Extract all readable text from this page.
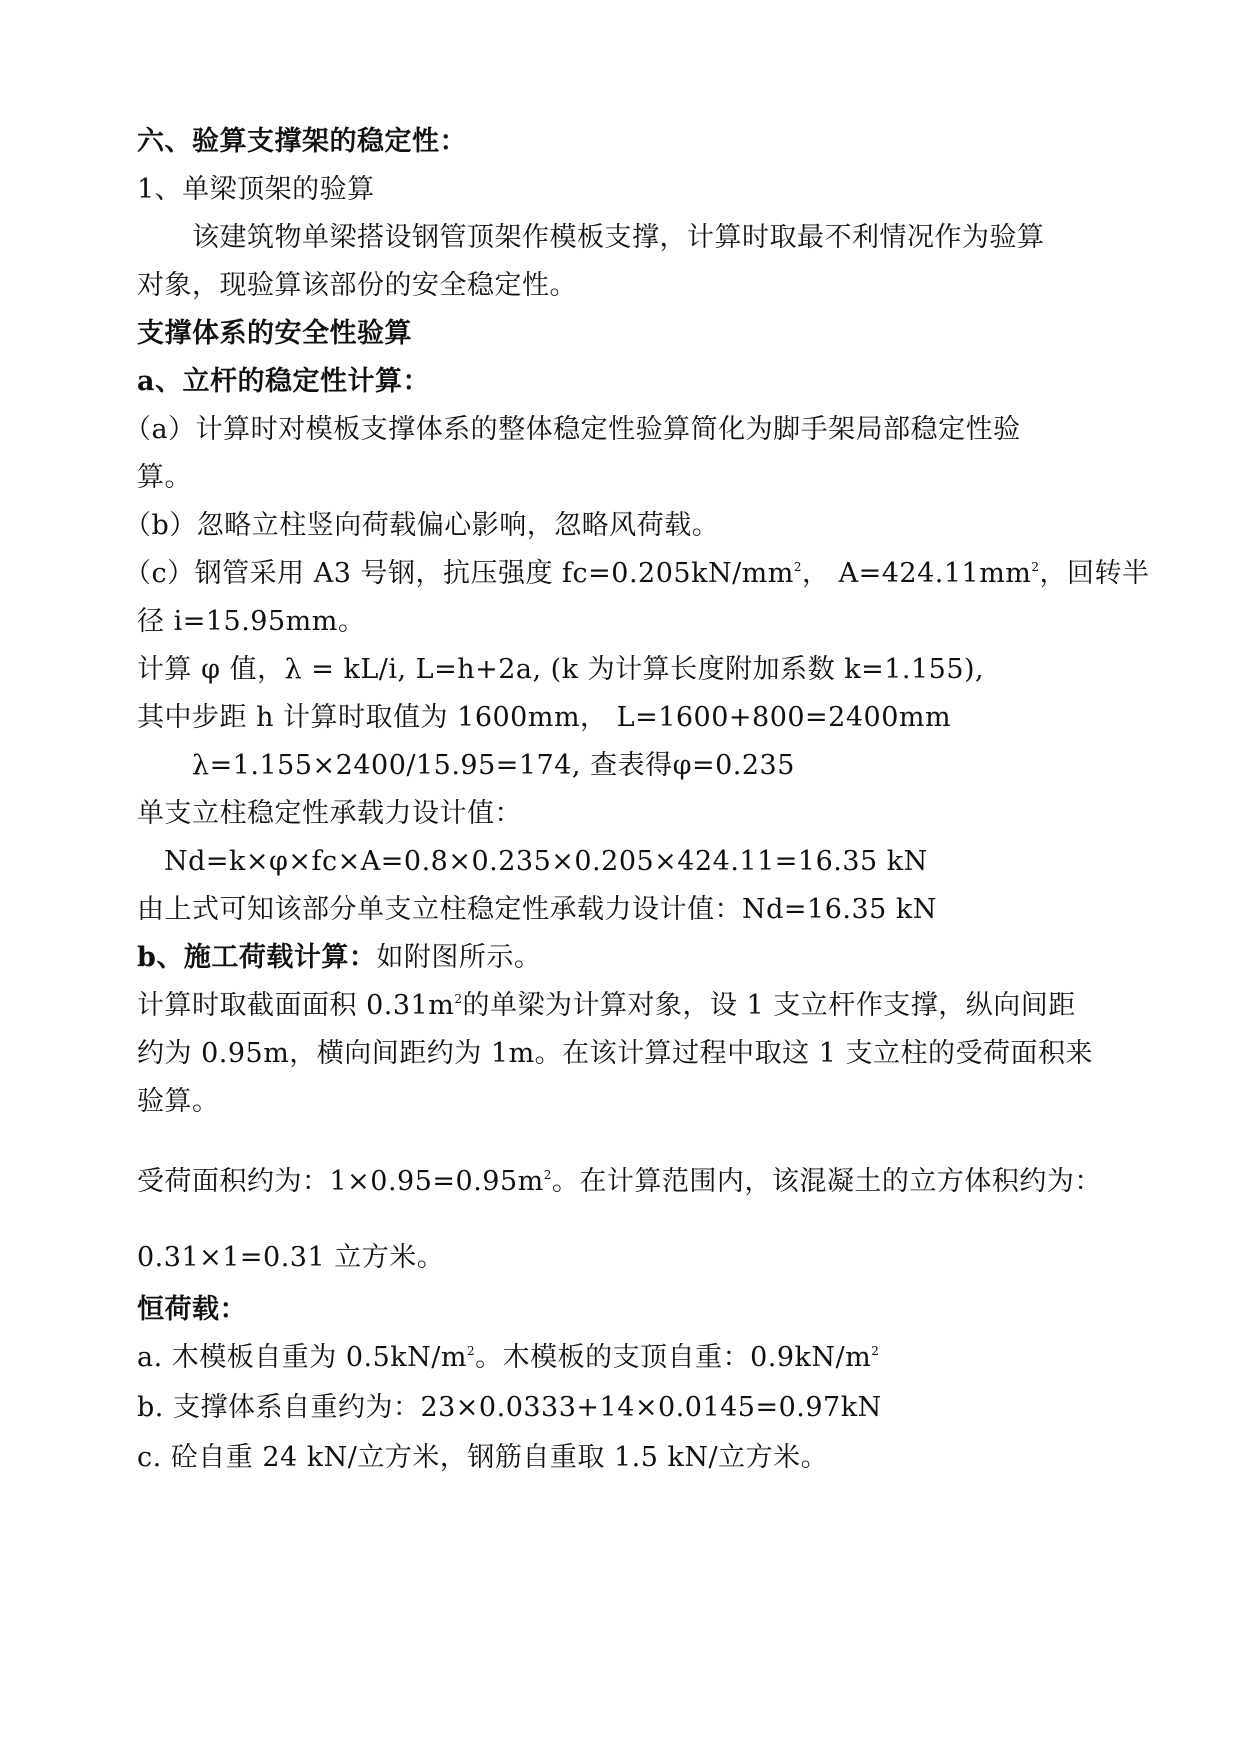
六、验算支撑架的稳定性：
1、单梁顶架的验算
该建筑物单梁搭设钢管顶架作模板支撑，计算时取最不利情况作为验算
对象，现验算该部份的安全稳定性。
支撑体系的安全性验算
a、立杆的稳定性计算：
（a）计算时对模板支撑体系的整体稳定性验算简化为脚手架局部稳定性验
算。
（b）忽略立柱竖向荷载偏心影响，忽略风荷载。
（c）钢管采用 A3 号钢，抗压强度 $fc=0.205kN/mm^2$， $A=424.11mm^2$，回转半
径 i=15.95mm。
计算 φ 值，λ = kL/i, L=h+2a, (k 为计算长度附加系数 k=1.155),
其中步距 h 计算时取值为 1600mm， L=1600+800=2400mm
λ=1.155×2400/15.95=174, 查表得φ=0.235
单支立柱稳定性承载力设计值：
Nd=k×φ×fc×A=0.8×0.235×0.205×424.11=16.35 kN
由上式可知该部分单支立柱稳定性承载力设计值：Nd=16.35 kN
b、施工荷载计算：如附图所示。
计算时取截面面积 $0.31m^2$的单梁为计算对象，设 1 支立杆作支撑，纵向间距
约为 0.95m，横向间距约为 1m。在该计算过程中取这 1 支立柱的受荷面积来
验算。
受荷面积约为：$1\times 0.95=0.95m^2$。在计算范围内，该混凝土的立方体积约为：
0.31×1=0.31 立方米。
恒荷载：
a. 木模板自重为 $0.5kN/m^2$。木模板的支顶自重：$0.9kN/m^2$
b. 支撑体系自重约为：23×0.0333+14×0.0145=0.97kN
c. 砼自重 24 kN/立方米，钢筋自重取 1.5 kN/立方米。
